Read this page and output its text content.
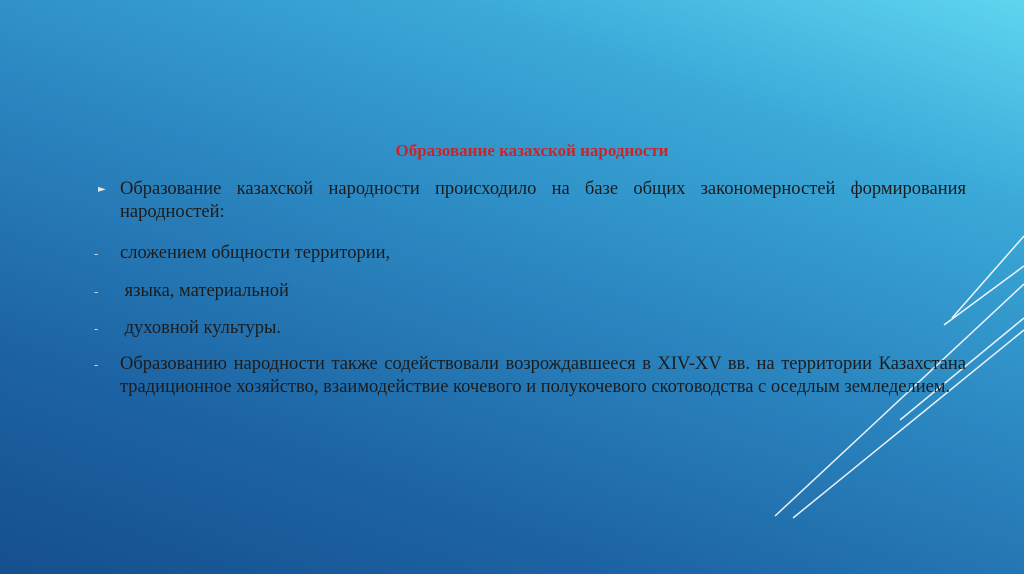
Образование казахской народности
► Образование казахской народности происходило на базе общих закономерностей формирования народностей:
- сложением общности территории,
- языка, материальной
- духовной культуры.
- Образованию народности также содействовали возрождавшееся в XIV-XV вв. на территории Казахстана традиционное хозяйство, взаимодействие кочевого и полукочевого скотоводства с оседлым земледелием.
